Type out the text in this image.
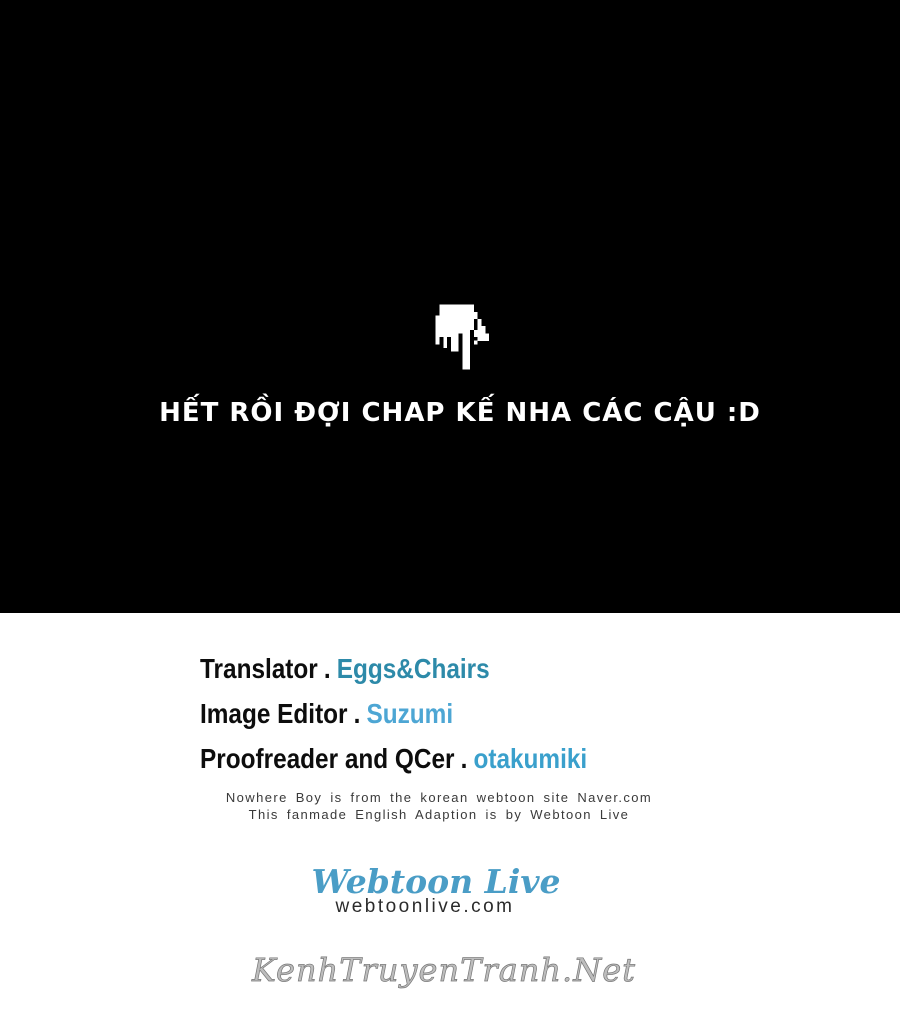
HẾT RỒI ĐỢI CHAP KẾ NHA CÁC CẬU :D
Translator . Eggs&Chairs
Image Editor . Suzumi
Proofreader and QCer . otakumiki
Nowhere Boy is from the korean webtoon site Naver.com
This fanmade English Adaption is by Webtoon Live
Webtoon Live
webtoonlive.com
KenhTruyenTranh.Net
